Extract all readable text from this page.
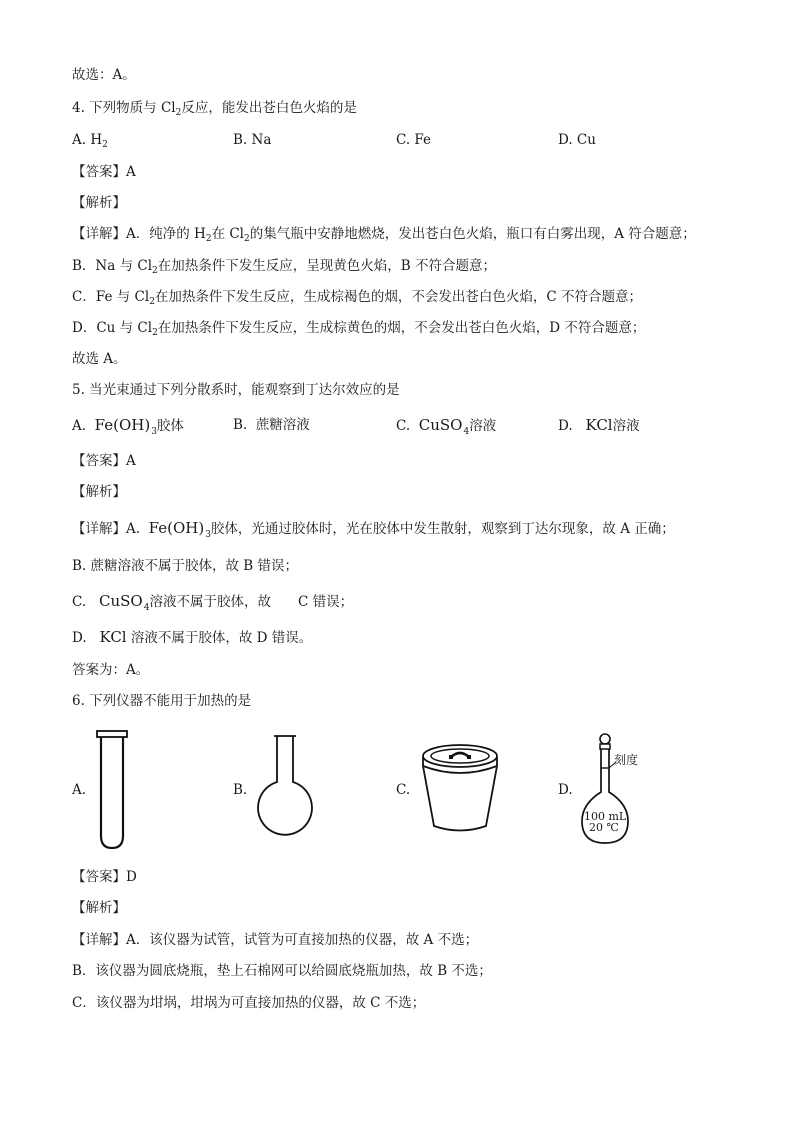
故选：A。
4. 下列物质与 $Cl_2$反应，能发出苍白色火焰的是
A. $H_2$	B. Na	C. Fe	D. Cu
【答案】A
【解析】
【详解】A．纯净的 $H_2$在 $Cl_2$的集气瓶中安静地燃烧，发出苍白色火焰，瓶口有白雾出现，A 符合题意；
B．Na 与 $Cl_2$在加热条件下发生反应，呈现黄色火焰，B 不符合题意；
C．Fe 与 $Cl_2$在加热条件下发生反应，生成棕褐色的烟，不会发出苍白色火焰，C 不符合题意；
D．Cu 与 $Cl_2$在加热条件下发生反应，生成棕黄色的烟，不会发出苍白色火焰，D 不符合题意；
故选 A。
5. 当光束通过下列分散系时，能观察到丁达尔效应的是
A. $Fe(OH)_3$胶体	B. 蔗糖溶液	C. CuSO$_4$溶液	D. KCl溶液
【答案】A
【解析】
【详解】A. $Fe(OH)_3$胶体，光通过胶体时，光在胶体中发生散射，观察到丁达尔现象，故 A 正确；
B. 蔗糖溶液不属于胶体，故 B 错误；
C. CuSO$_4$溶液不属于胶体，故　　C 错误；
D. KCl 溶液不属于胶体，故 D 错误。
答案为：A。
6. 下列仪器不能用于加热的是
A.	B.	C.	D.
刻度
100 mL
20 ℃
【答案】D
【解析】
【详解】A．该仪器为试管，试管为可直接加热的仪器，故 A 不选；
B．该仪器为圆底烧瓶，垫上石棉网可以给圆底烧瓶加热，故 B 不选；
C．该仪器为坩埚，坩埚为可直接加热的仪器，故 C 不选；
